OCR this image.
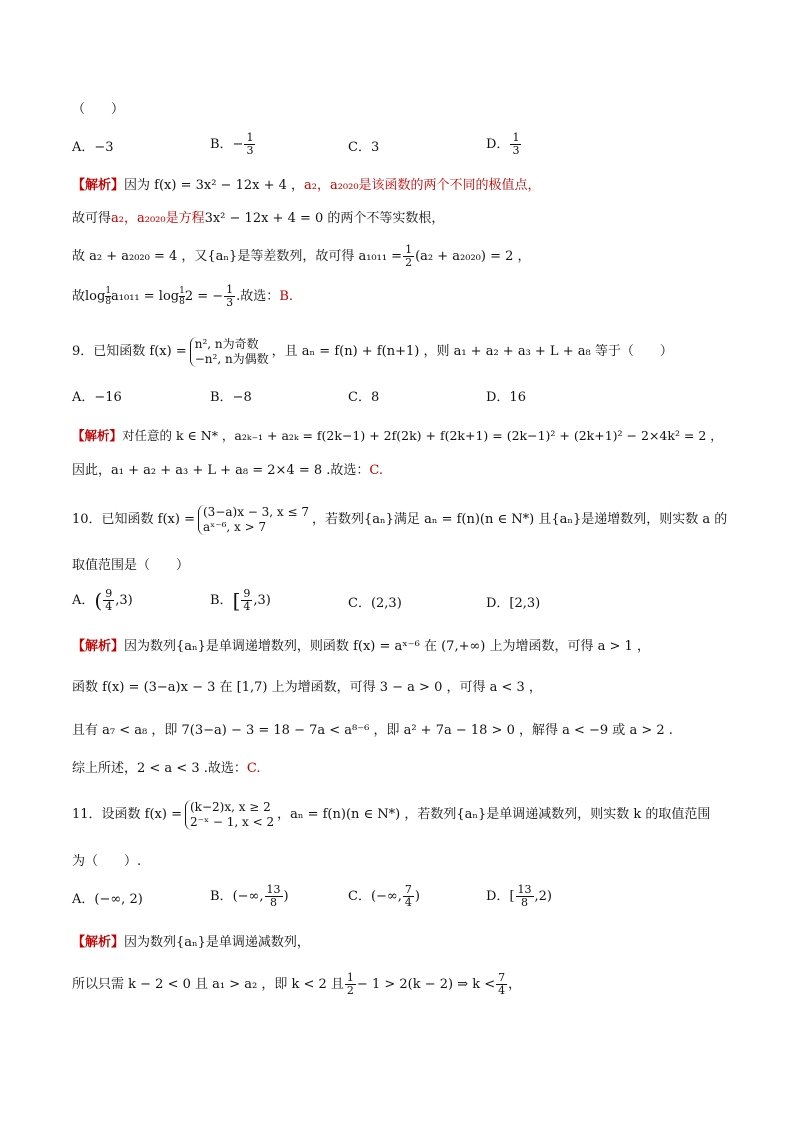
（　　）
A．−3	B．− $\frac{1}{3}$	C．3	D． $\frac{1}{3}$
【解析】因为 f(x) = 3x² − 12x + 4 ，a₂，a₂₀₂₀是该函数的两个不同的极值点，
故可得a₂，a₂₀₂₀是方程3x² − 12x + 4 = 0 的两个不等实数根，
故 a₂ + a₂₀₂₀ = 4 ，又{aₙ}是等差数列，故可得 $a_{1011} = \frac{1}{2} (a_2 + a_{2020}) = 2$ ，
故$\log \frac{1}{8} a_{1011} = \log \frac{1}{8} 2$ = − $\frac{1}{3}$ .故选：B.
9．已知函数 f(x) =
n², n为奇数
−n², n为偶数 ，且 aₙ = f(n) + f(n+1) ，则 a₁ + a₂ + a₃ + L + a₈ 等于（　　）
A．−16	B．−8	C．8	D．16
【解析】对任意的 k ∈ N* ，a₂ₖ₋₁ + a₂ₖ = f(2k−1) + 2f(2k) + f(2k+1) = (2k−1)² + (2k+1)² − 2×4k² = 2 ，
因此，a₁ + a₂ + a₃ + L + a₈ = 2×4 = 8 .故选：C.
10．已知函数 f(x) =
(3−a)x − 3, x ≤ 7
aˣ⁻⁶, x > 7	，若数列{aₙ}满足 aₙ = f(n)(n ∈ N*) 且{aₙ}是递增数列，则实数 a 的
取值范围是（　　）
A．( $\frac{9}{4} ,3$)	B．[ $\frac{9}{4} ,3$)	C．(2,3)	D．[2,3)
【解析】因为数列{aₙ}是单调递增数列，则函数 f(x) = aˣ⁻⁶ 在 (7,+∞) 上为增函数，可得 a > 1 ，
函数 f(x) = (3−a)x − 3 在 [1,7) 上为增函数，可得 3 − a > 0 ，可得 a < 3 ，
且有 a₇ < a₈ ，即 7(3−a) − 3 = 18 − 7a < a⁸⁻⁶ ，即 a² + 7a − 18 > 0 ，解得 a < −9 或 a > 2 .
综上所述，2 < a < 3 .故选：C.
11．设函数 f(x) =
(k−2)x, x ≥ 2
2⁻ˣ − 1, x < 2 ，aₙ = f(n)(n ∈ N*) ，若数列{aₙ}是单调递减数列，则实数 k 的取值范围
为（　　）.
A．(−∞, 2)	B．(−∞, $\frac{13}{8}$ )	C．(−∞, $\frac{7}{4}$ )	D．[ $\frac{13}{8} ,2$)
【解析】因为数列{aₙ}是单调递减数列，
所以只需 k − 2 < 0 且 a₁ > a₂ ，即 k < 2 且 $\frac{1}{2} - 1 > 2(k - 2)$ ⇒ $k < \frac{7}{4}$ ，
